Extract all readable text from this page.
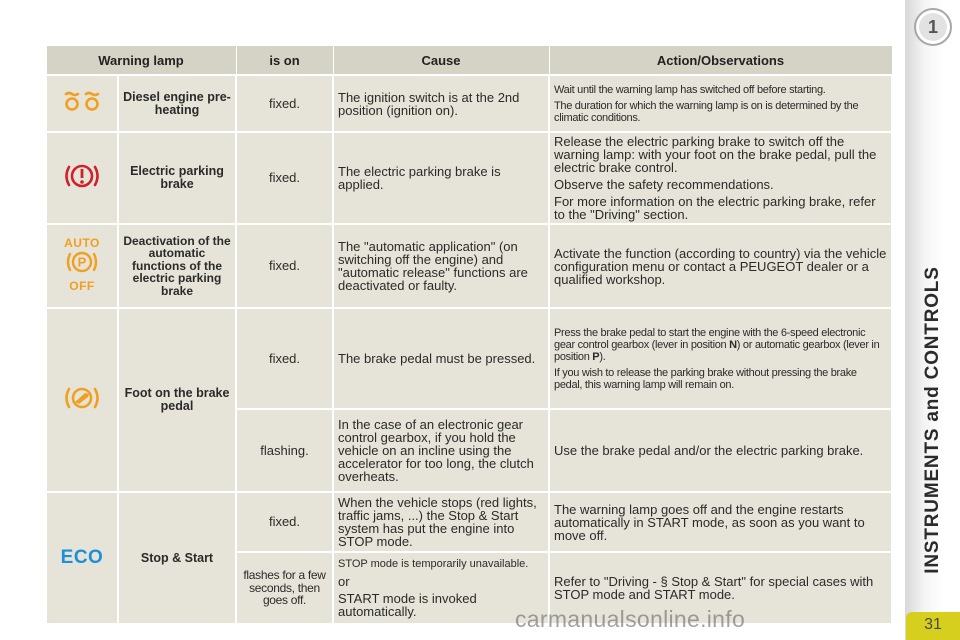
Warning lamp		is on	Cause	Action/Observations
	Diesel engine pre-heating	fixed.	The ignition switch is at the 2nd position (ignition on).	Wait until the warning lamp has switched off before starting.
The duration for which the warning lamp is on is determined by the climatic conditions.

	Electric parking brake	fixed.	The electric parking brake is applied.	Release the electric parking brake to switch off the warning lamp: with your foot on the brake pedal, pull the electric brake control.
Observe the safety recommendations.
For more information on the electric parking brake, refer to the "Driving" section.

AUTO
P
OFF	Deactivation of the automatic functions of the electric parking brake	fixed.	The "automatic application" (on switching off the engine) and "automatic release" functions are deactivated or faulty.	Activate the function (according to country) via the vehicle configuration menu or contact a PEUGEOT dealer or a qualified workshop.
	Foot on the brake pedal	fixed.	The brake pedal must be pressed.	Press the brake pedal to start the engine with the 6-speed electronic gear control gearbox (lever in position N) or automatic gearbox (lever in position P).
If you wish to release the parking brake without pressing the brake pedal, this warning lamp will remain on.

		flashing.	In the case of an electronic gear control gearbox, if you hold the vehicle on an incline using the accelerator for too long, the clutch overheats.	Use the brake pedal and/or the electric parking brake.

ECO	Stop & Start	fixed.	When the vehicle stops (red lights, traffic jams, ...) the Stop & Start system has put the engine into STOP mode.	The warning lamp goes off and the engine restarts automatically in START mode, as soon as you want to move off.
		flashes for a few seconds, then goes off.	STOP mode is temporarily unavailable.
or
START mode is invoked automatically.	Refer to "Driving - § Stop & Start" for special cases with STOP mode and START mode.
1
INSTRUMENTS and CONTROLS
31
carmanualsonline.info
